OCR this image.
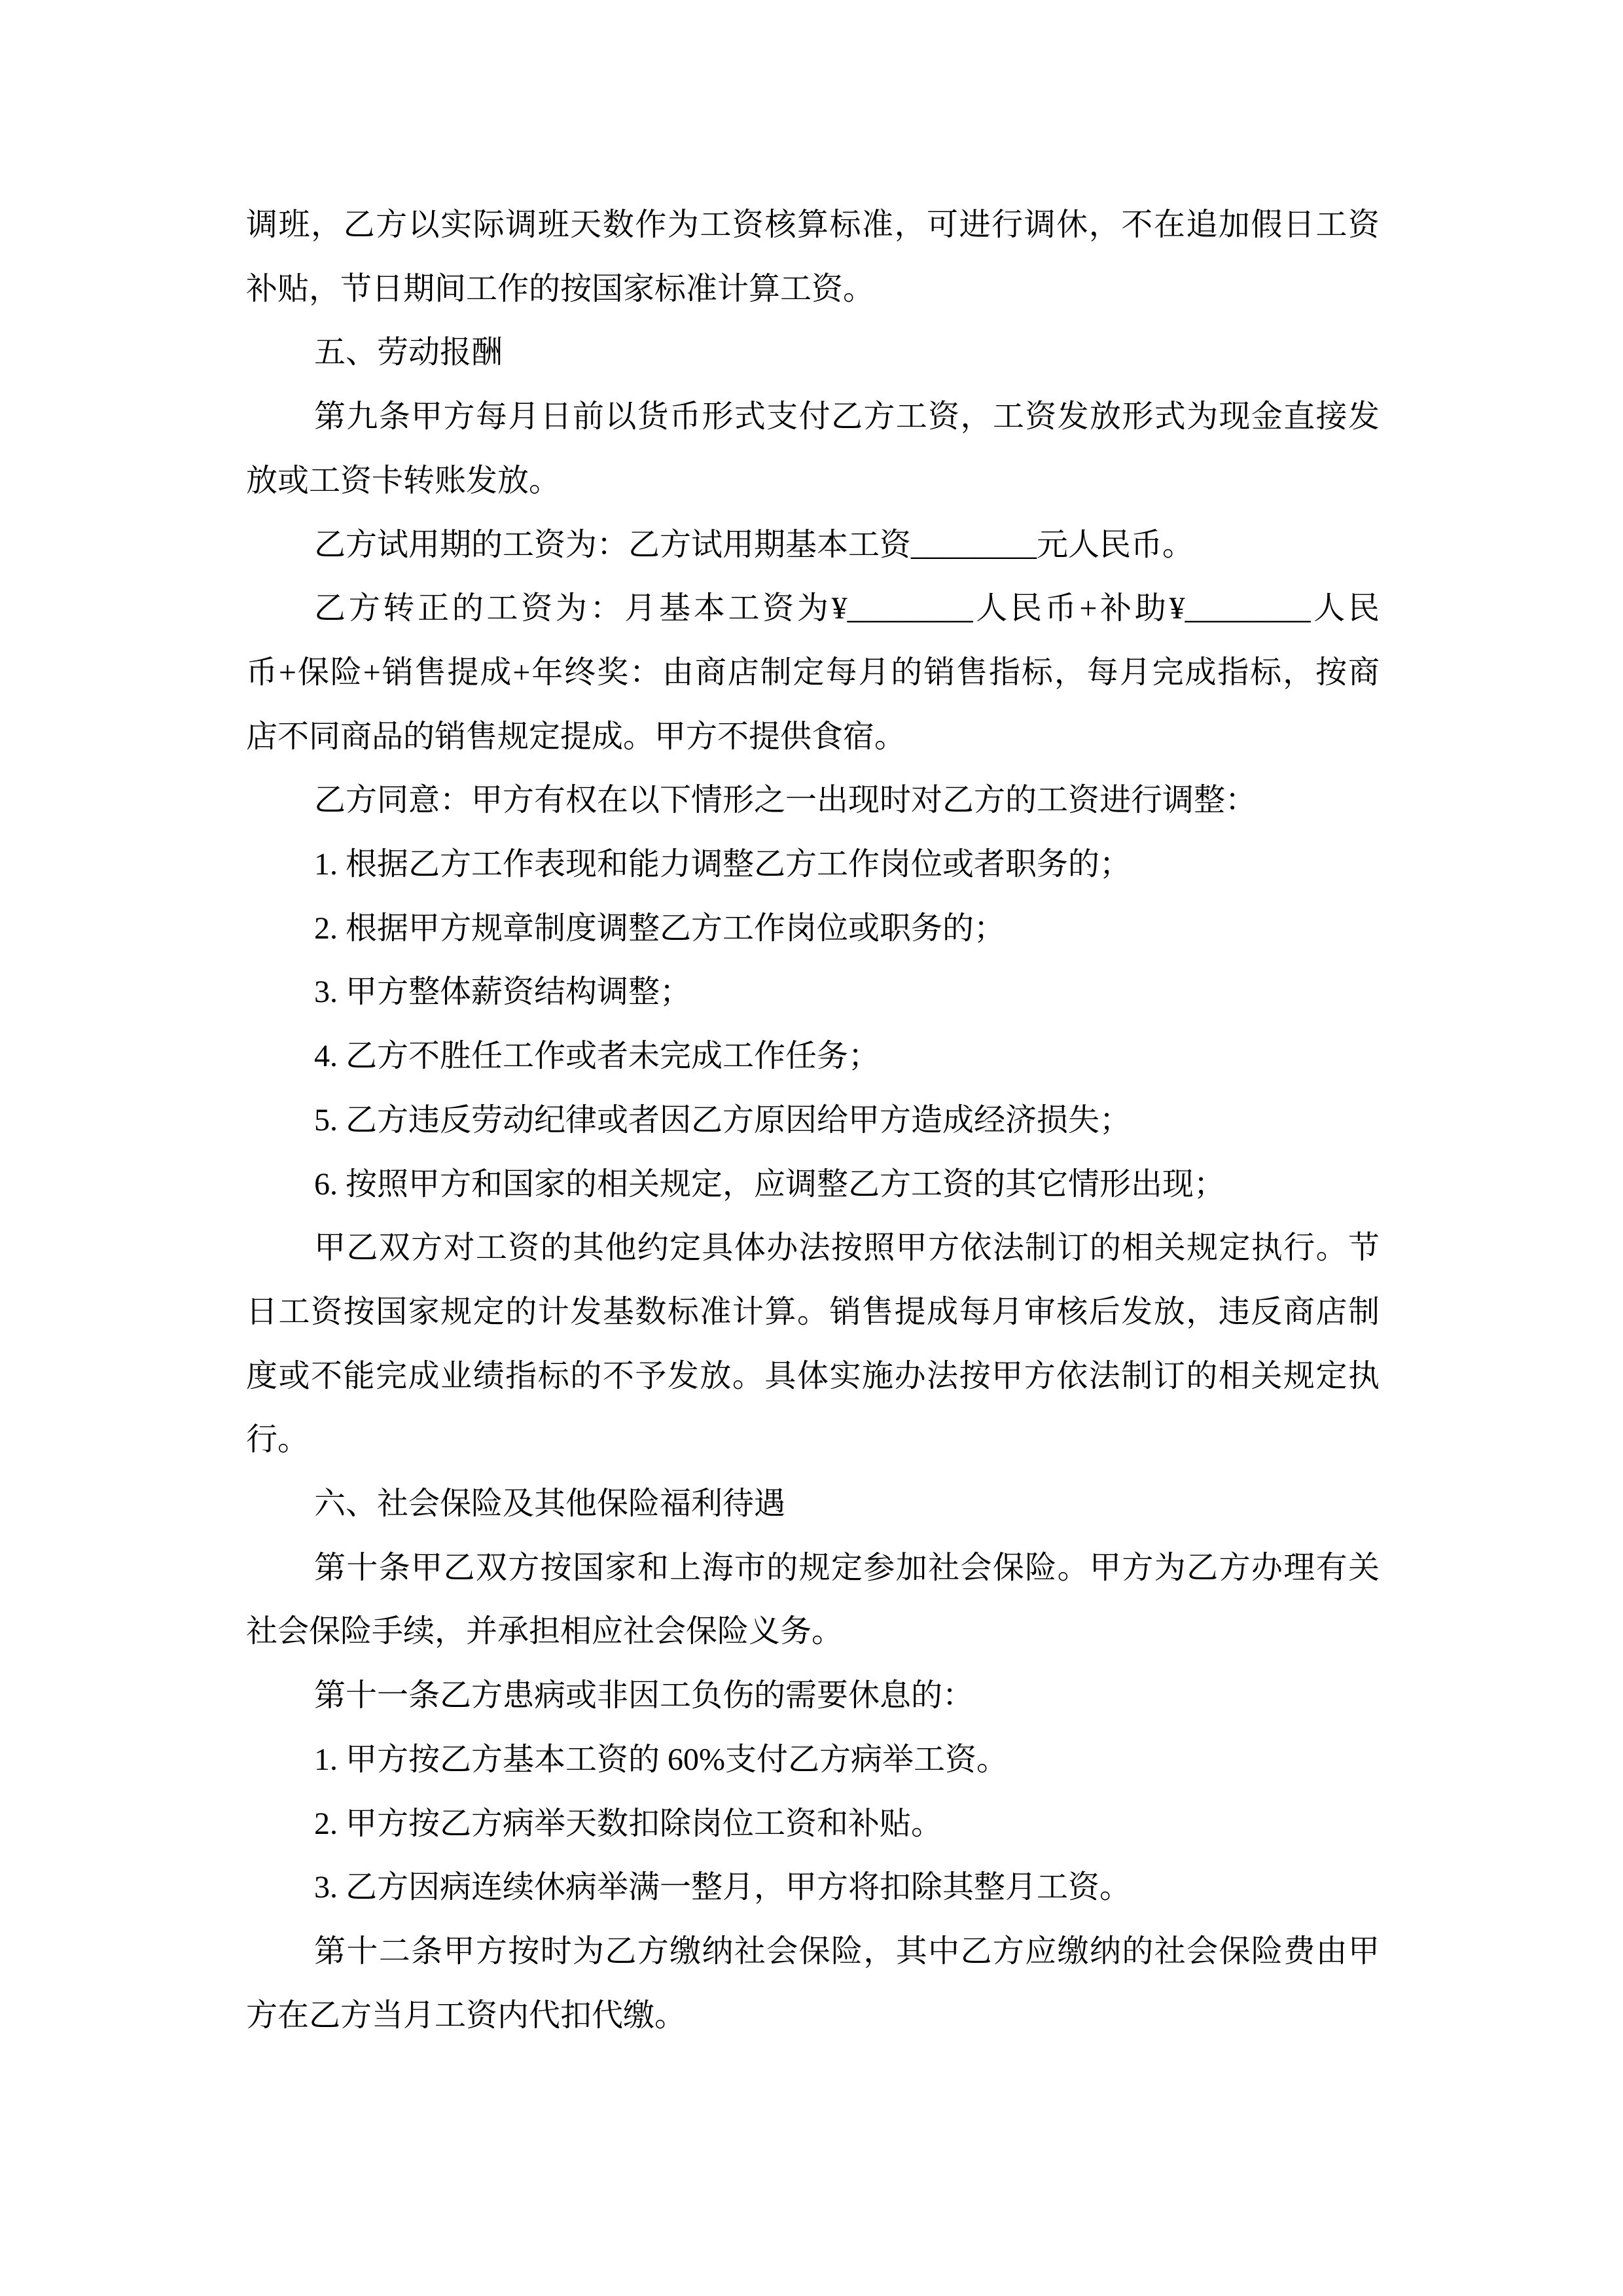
调班，乙方以实际调班天数作为工资核算标准，可进行调休，不在追加假日工资
补贴，节日期间工作的按国家标准计算工资。
五、劳动报酬
第九条甲方每月日前以货币形式支付乙方工资，工资发放形式为现金直接发
放或工资卡转账发放。
乙方试用期的工资为：乙方试用期基本工资________元人民币。
乙方转正的工资为：月基本工资为¥________人民币+补助¥________人民
币+保险+销售提成+年终奖：由商店制定每月的销售指标，每月完成指标，按商
店不同商品的销售规定提成。甲方不提供食宿。
乙方同意：甲方有权在以下情形之一出现时对乙方的工资进行调整：
1. 根据乙方工作表现和能力调整乙方工作岗位或者职务的；
2. 根据甲方规章制度调整乙方工作岗位或职务的；
3. 甲方整体薪资结构调整；
4. 乙方不胜任工作或者未完成工作任务；
5. 乙方违反劳动纪律或者因乙方原因给甲方造成经济损失；
6. 按照甲方和国家的相关规定，应调整乙方工资的其它情形出现；
甲乙双方对工资的其他约定具体办法按照甲方依法制订的相关规定执行。节
日工资按国家规定的计发基数标准计算。销售提成每月审核后发放，违反商店制
度或不能完成业绩指标的不予发放。具体实施办法按甲方依法制订的相关规定执
行。
六、社会保险及其他保险福利待遇
第十条甲乙双方按国家和上海市的规定参加社会保险。甲方为乙方办理有关
社会保险手续，并承担相应社会保险义务。
第十一条乙方患病或非因工负伤的需要休息的：
1. 甲方按乙方基本工资的 60%支付乙方病举工资。
2. 甲方按乙方病举天数扣除岗位工资和补贴。
3. 乙方因病连续休病举满一整月，甲方将扣除其整月工资。
第十二条甲方按时为乙方缴纳社会保险，其中乙方应缴纳的社会保险费由甲
方在乙方当月工资内代扣代缴。
